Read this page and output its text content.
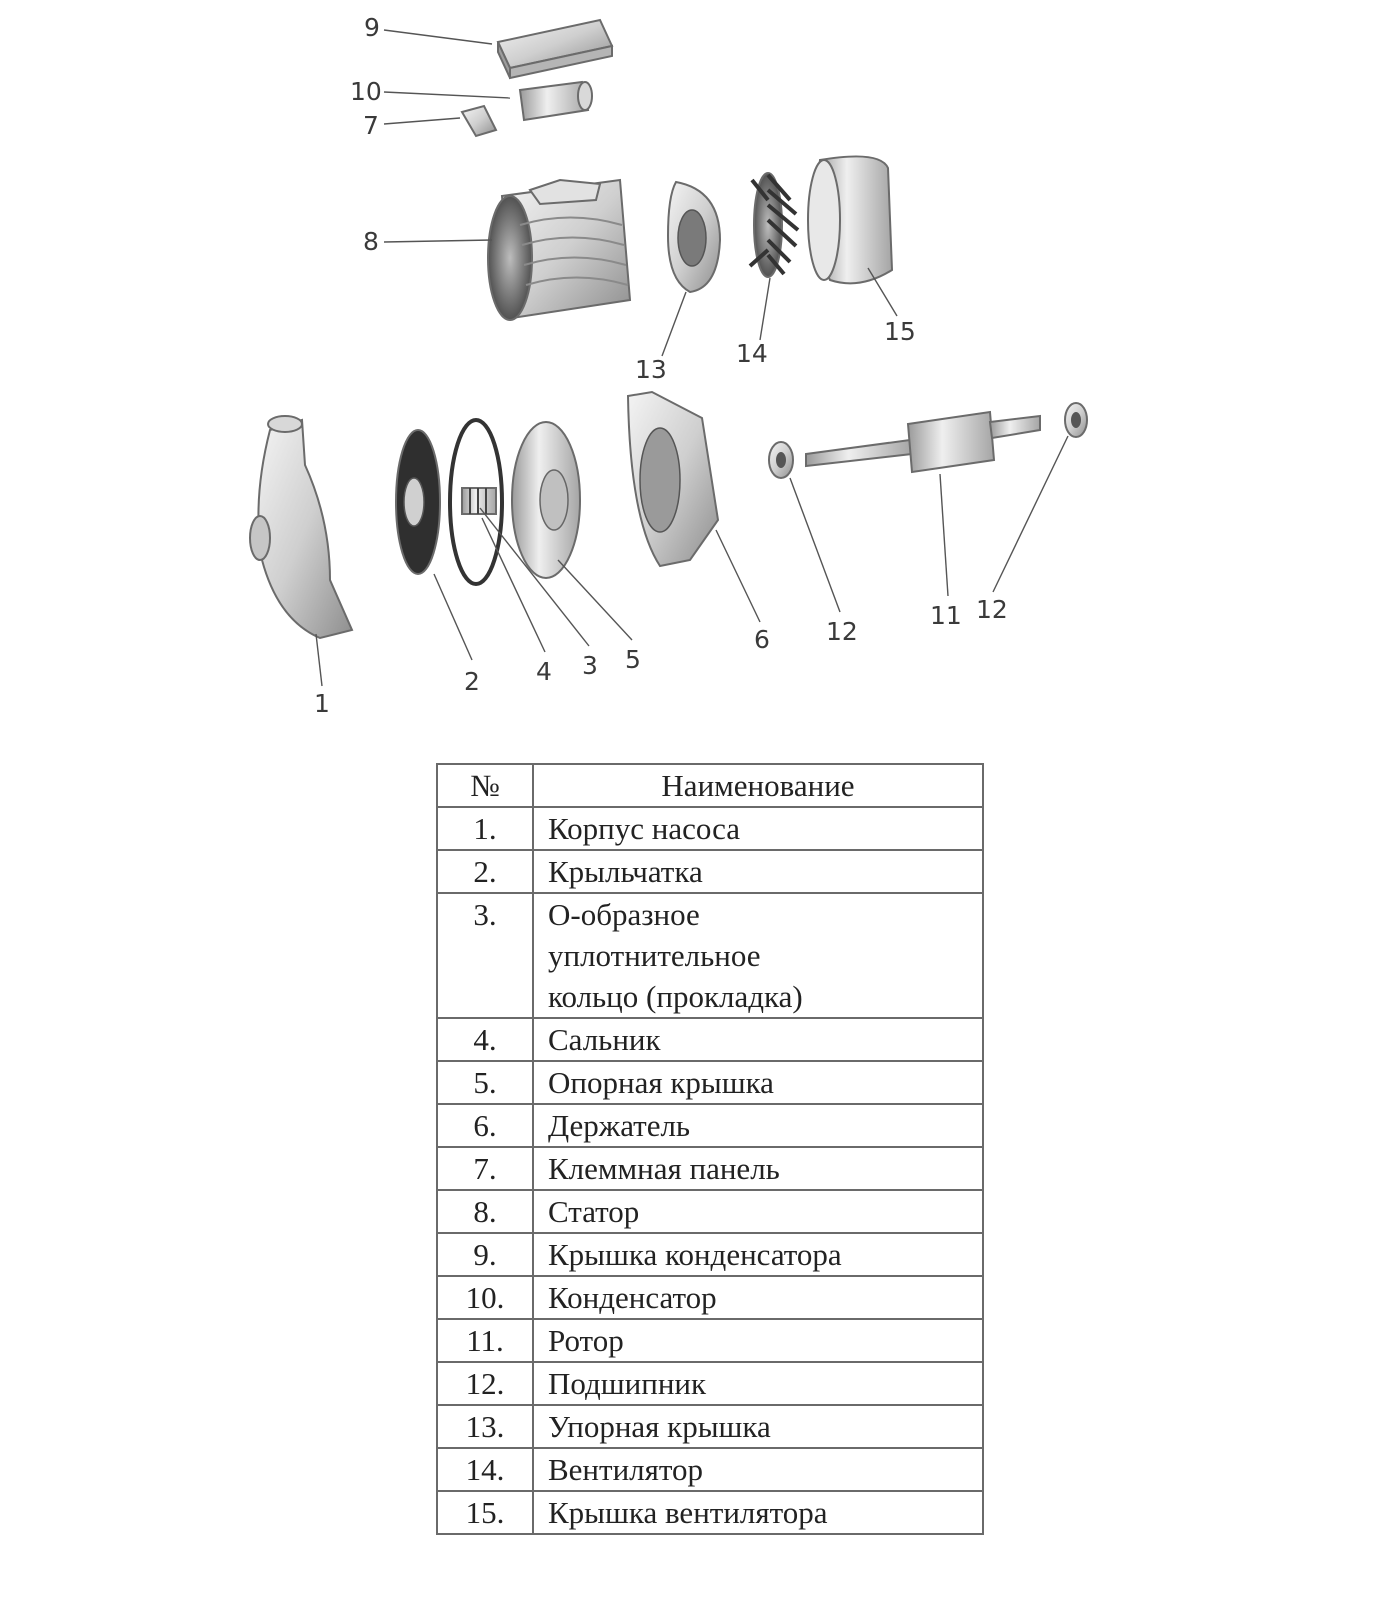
9
10
7
8
13
14
15
1
2 4 3 5
6 12
11 12
№	Наименование
1.	Корпус насоса
2.	Крыльчатка
3.	О-образное уплотнительное кольцо (прокладка)
4.	Сальник
5.	Опорная крышка
6.	Держатель
7.	Клеммная панель
8.	Статор
9.	Крышка конденсатора
10.	Конденсатор
11.	Ротор
12.	Подшипник
13.	Упорная крышка
14.	Вентилятор
15.	Крышка вентилятора
